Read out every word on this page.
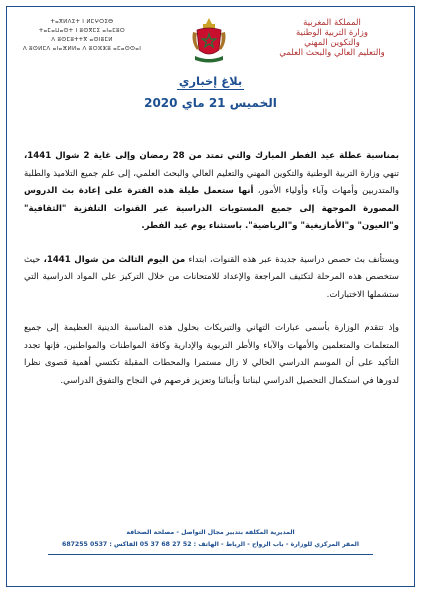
ⵜⴰⴳⵍⴷⵉⵜ ⵏ ⵍⵎⵖⵔⵉⴱ
ⵜⴰⵎⴰⵡⴰⵙⵜ ⵏ ⵓⵙⴳⵎⵉ ⴰⵏⴰⵎⵓⵔ
ⴷ ⵓⵙⵎⵓⵜⵜⴳ ⴰⵙⵏⵓⵎⵍ
ⴷ ⵓⵙⵍⵎⴷ ⴰⵏⴰⴼⵍⵍⴰ ⴷ ⵓⵔⵣⵣⵓ ⴰⵎⴰⵙⵙⴰⵏ
المملكة المغربية
وزارة التربية الوطنية
والتكوين المهني
والتعليم العالي والبحث العلمي
بلاغ إخباري
الخميس 21 ماي 2020

بمناسبة عطلة عيد الفطر المبارك والتي تمتد من 28 رمضان وإلى غاية 2 شوال 1441، تنهي وزارة التربية الوطنية والتكوين المهني والتعليم العالي والبحث العلمي، إلى علم جميع التلاميذ والطلبة والمتدربين وأمهات وآباء وأولياء الأمور، أنها ستعمل طيلة هذه الفترة على إعادة بث الدروس المصورة الموجهة إلى جميع المستويات الدراسية عبر القنوات التلفزية "الثقافية" و"العيون" و"الأمازيغية" و"الرياضية". باستثناء يوم عيد الفطر.

ويستأنف بث حصص دراسية جديدة عبر هذه القنوات، ابتداء من اليوم الثالث من شوال 1441، حيث ستخصص هذه المرحلة لتكثيف المراجعة والإعداد للامتحانات من خلال التركيز على المواد الدراسية التي ستشملها الاختبارات.

وإذ تتقدم الوزارة بأسمى عبارات التهاني والتبريكات بحلول هذه المناسبة الدينية العظيمة إلى جميع المتعلمات والمتعلمين والأمهات والآباء والأطر التربوية والإدارية وكافة المواطنات والمواطنين، فإنها تجدد التأكيد على أن الموسم الدراسي الحالي لا زال مستمرا والمحطات المقبلة تكتسي أهمية قصوى نظرا لدورها في استكمال التحصيل الدراسي لبناتنا وأبنائنا وتعزيز فرصهم في النجاح والتفوق الدراسي.

المديرية المكلفة بتدبير مجال التواصل - مصلحة الصحافة
المقر المركزي للوزارة - باب الرواح - الرباط - الهاتف : 52 27 68 37 05 الفاكس : 0537 687255
